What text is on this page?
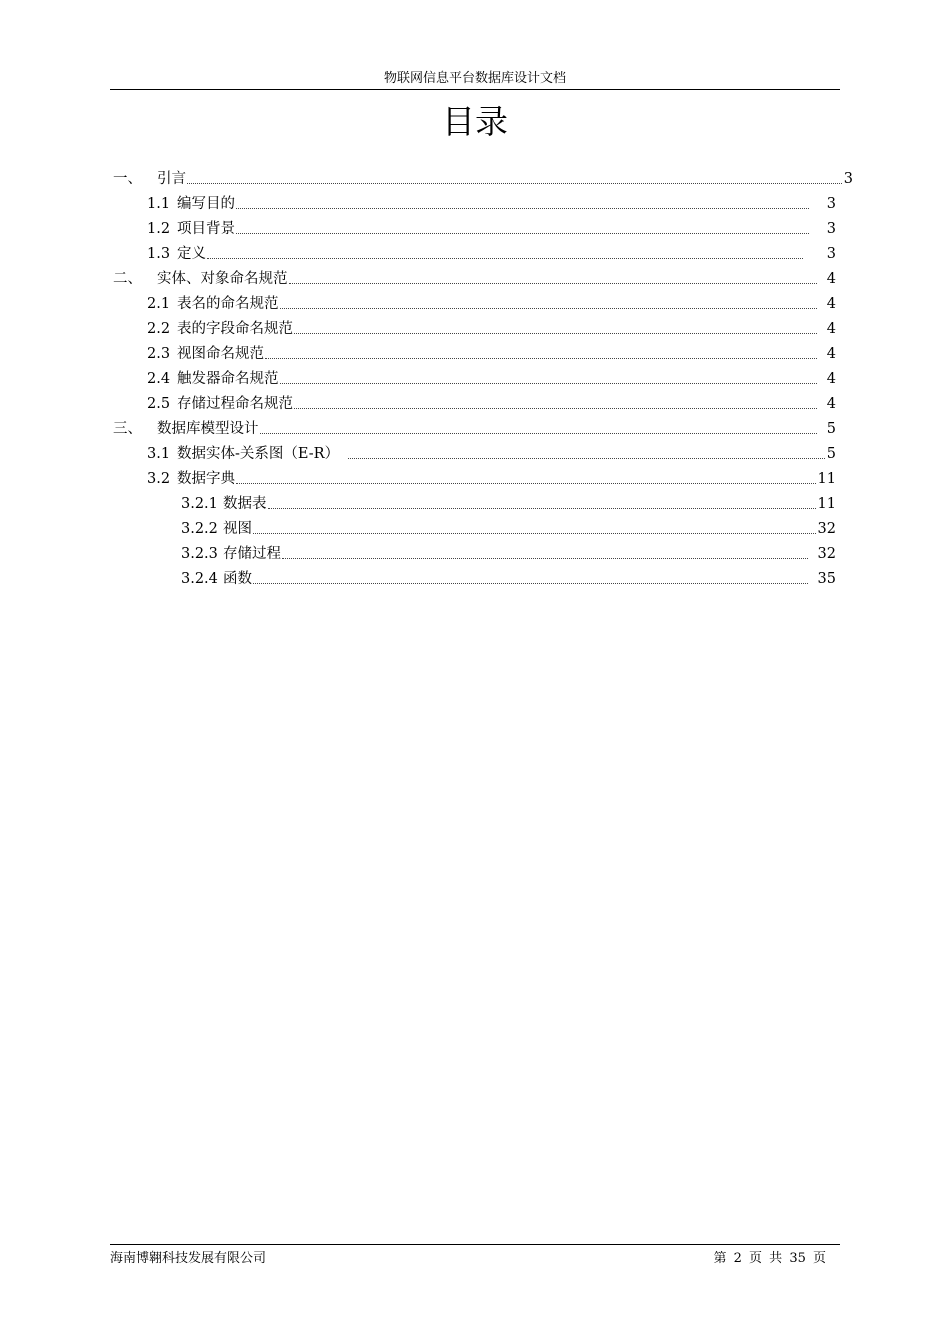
物联网信息平台数据库设计文档
目录
一、	引言	3
1.1 编写目的	3
1.2 项目背景	3
1.3 定义	3
二、	实体、对象命名规范	4
2.1 表名的命名规范	4
2.2 表的字段命名规范	4
2.3 视图命名规范	4
2.4 触发器命名规范	4
2.5 存储过程命名规范	4
三、	数据库模型设计	5
3.1 数据实体-关系图（E-R）	5
3.2 数据字典	11
3.2.1 数据表	11
3.2.2 视图	32
3.2.3 存储过程	32
3.2.4 函数	35
海南博翱科技发展有限公司	第 2 页 共 35 页
